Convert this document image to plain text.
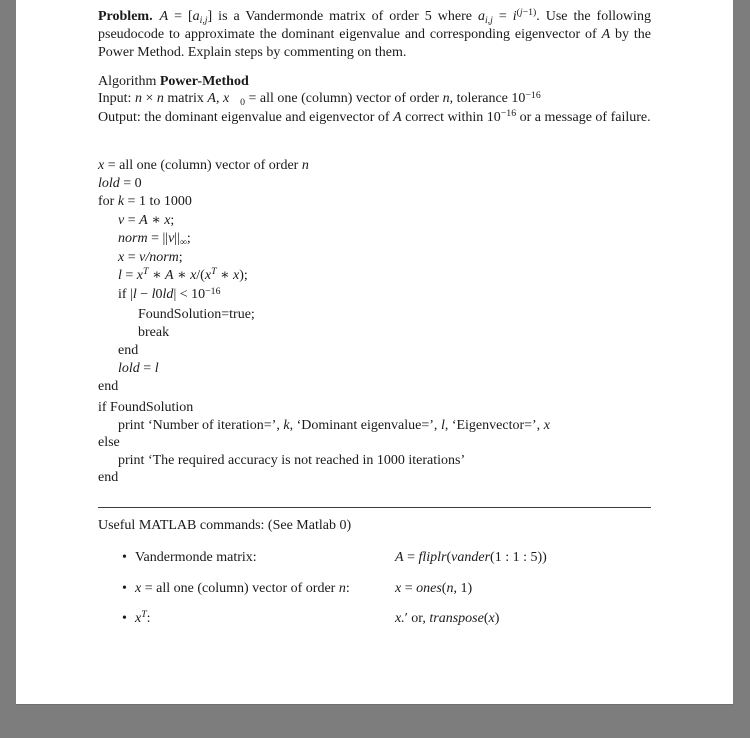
Problem.  A = [ai,j] is a Vandermonde matrix of order 5 where $ai,j = i^{(j-1)}$. Use the following pseudocode to approximate the dominant eigenvalue and corresponding eigenvector of A by the Power Method. Explain steps by commenting on them.
Algorithm Power-Method
Input: n × n matrix A, x⃗0 = all one (column) vector of order n, tolerance $10^{-16}$
Output: the dominant eigenvalue and eigenvector of A correct within $10^{-16}$ or a message of failure.
x = all one (column) vector of order n
lold = 0
for k = 1 to 1000
v = A ∗ x;
norm = ||v||∞;
x = v/norm;
$l = x^T$ ∗ A ∗ $x/(x^T$ ∗ x);
if $|l - l0ld| < 10^{-16}$
FoundSolution=true;
break
end
lold = l
end
if FoundSolution
print ‘Number of iteration=’, k, ‘Dominant eigenvalue=’, l, ‘Eigenvector=’, x
else
print ‘The required accuracy is not reached in 1000 iterations’
end
Useful MATLAB commands: (See Matlab 0)
• Vandermonde matrix:	A = fliplr(vander(1 : 1 : 5))
• x = all one (column) vector of order n:	x = ones(n, 1)
• $x^T$:	x.′ or, transpose(x)
